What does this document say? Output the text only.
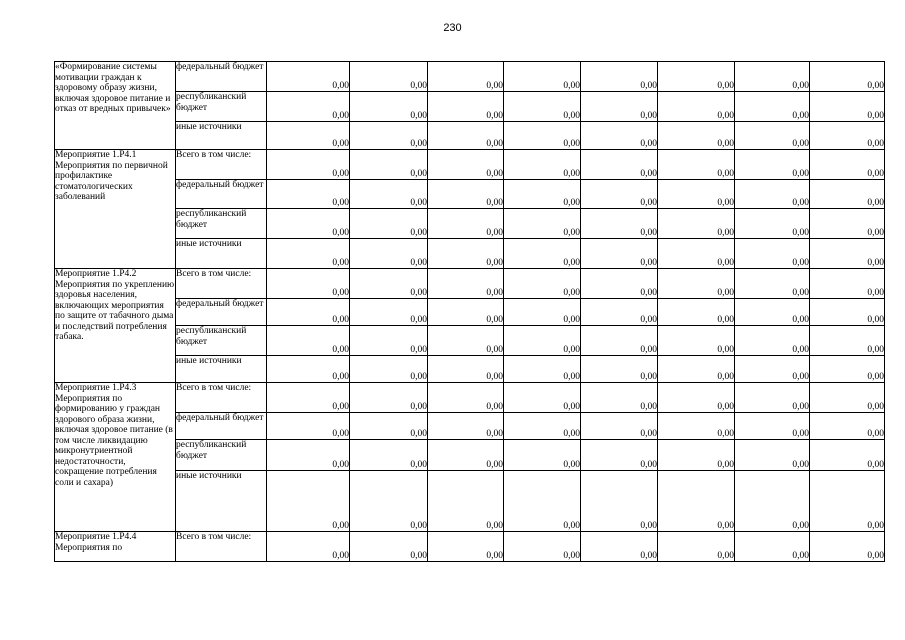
230
«Формирование системы мотивации граждан к здоровому образу жизни, включая здоровое питание и отказ от вредных привычек»	федеральный бюджет	0,00	0,00	0,00	0,00	0,00	0,00	0,00	0,00
	республиканский бюджет	0,00	0,00	0,00	0,00	0,00	0,00	0,00	0,00
	иные источники	0,00	0,00	0,00	0,00	0,00	0,00	0,00	0,00
Мероприятие 1.Р4.1 Мероприятия по первичной профилактике стоматологических заболеваний	Всего в том числе:	0,00	0,00	0,00	0,00	0,00	0,00	0,00	0,00
	федеральный бюджет	0,00	0,00	0,00	0,00	0,00	0,00	0,00	0,00
	республиканский бюджет	0,00	0,00	0,00	0,00	0,00	0,00	0,00	0,00
	иные источники	0,00	0,00	0,00	0,00	0,00	0,00	0,00	0,00
Мероприятие 1.Р4.2 Мероприятия по укреплению здоровья населения, включающих мероприятия по защите от табачного дыма и последствий потребления табака.	Всего в том числе:	0,00	0,00	0,00	0,00	0,00	0,00	0,00	0,00
	федеральный бюджет	0,00	0,00	0,00	0,00	0,00	0,00	0,00	0,00
	республиканский бюджет	0,00	0,00	0,00	0,00	0,00	0,00	0,00	0,00
	иные источники	0,00	0,00	0,00	0,00	0,00	0,00	0,00	0,00
Мероприятие 1.Р4.3 Мероприятия по формированию у граждан здорового образа жизни, включая здоровое питание (в том числе ликвидацию микронутриентной недостаточности, сокращение потребления соли и сахара)	Всего в том числе:	0,00	0,00	0,00	0,00	0,00	0,00	0,00	0,00
	федеральный бюджет	0,00	0,00	0,00	0,00	0,00	0,00	0,00	0,00
	республиканский бюджет	0,00	0,00	0,00	0,00	0,00	0,00	0,00	0,00
	иные источники	0,00	0,00	0,00	0,00	0,00	0,00	0,00	0,00
Мероприятие 1.Р4.4 Мероприятия по	Всего в том числе:	0,00	0,00	0,00	0,00	0,00	0,00	0,00	0,00
